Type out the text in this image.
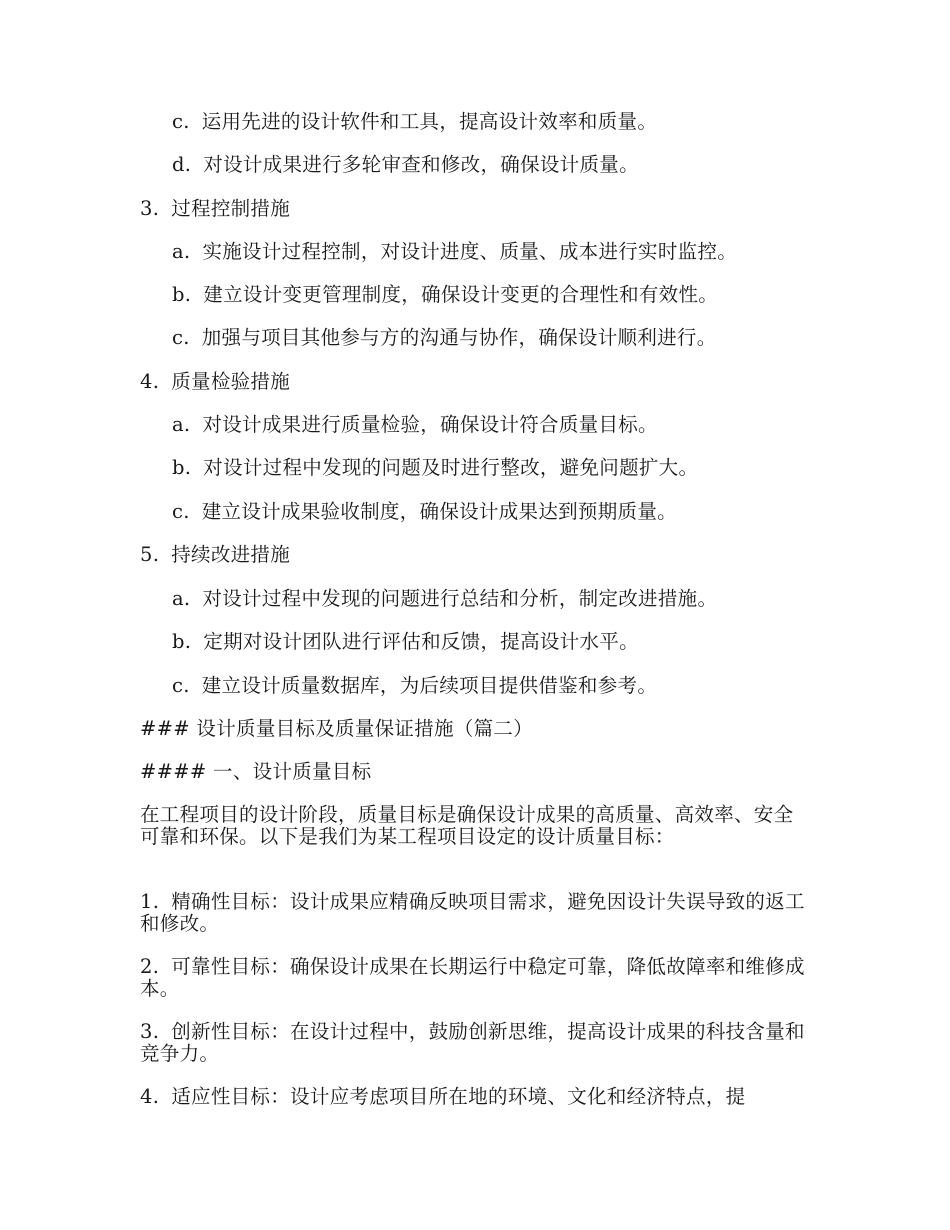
c. 运用先进的设计软件和工具，提高设计效率和质量。
d. 对设计成果进行多轮审查和修改，确保设计质量。
3. 过程控制措施
a. 实施设计过程控制，对设计进度、质量、成本进行实时监控。
b. 建立设计变更管理制度，确保设计变更的合理性和有效性。
c. 加强与项目其他参与方的沟通与协作，确保设计顺利进行。
4. 质量检验措施
a. 对设计成果进行质量检验，确保设计符合质量目标。
b. 对设计过程中发现的问题及时进行整改，避免问题扩大。
c. 建立设计成果验收制度，确保设计成果达到预期质量。
5. 持续改进措施
a. 对设计过程中发现的问题进行总结和分析，制定改进措施。
b. 定期对设计团队进行评估和反馈，提高设计水平。
c. 建立设计质量数据库，为后续项目提供借鉴和参考。
### 设计质量目标及质量保证措施（篇二）
#### 一、设计质量目标
在工程项目的设计阶段，质量目标是确保设计成果的高质量、高效率、安全可靠和环保。以下是我们为某工程项目设定的设计质量目标：
1. 精确性目标：设计成果应精确反映项目需求，避免因设计失误导致的返工和修改。
2. 可靠性目标：确保设计成果在长期运行中稳定可靠，降低故障率和维修成本。
3. 创新性目标：在设计过程中，鼓励创新思维，提高设计成果的科技含量和竞争力。
4. 适应性目标：设计应考虑项目所在地的环境、文化和经济特点，提
